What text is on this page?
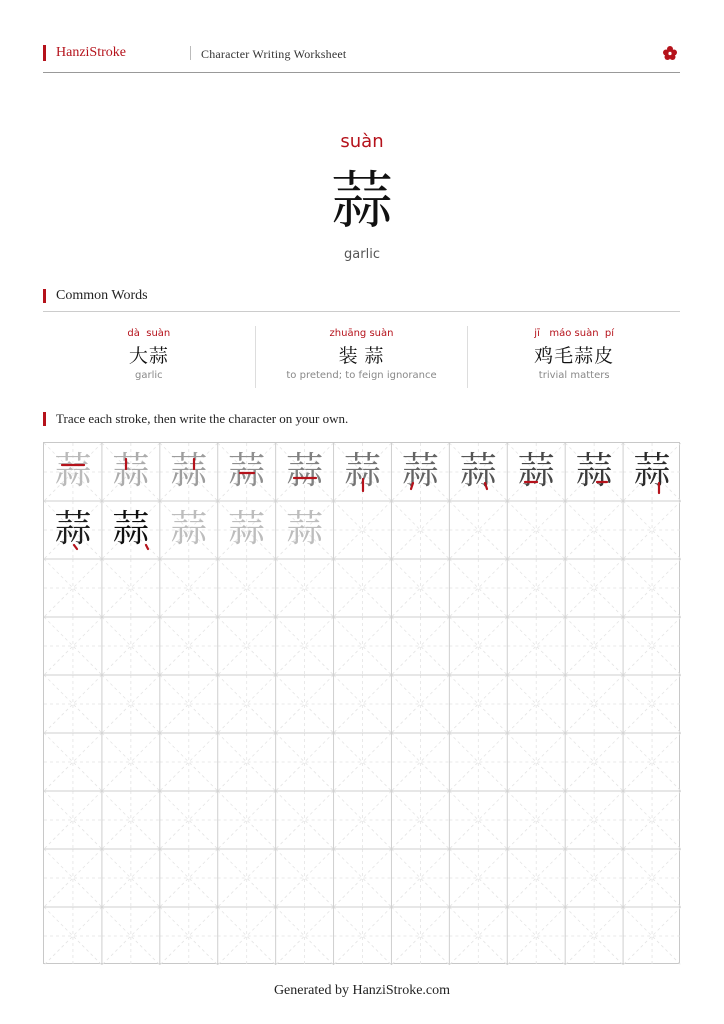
HanziStroke	Character Writing Worksheet
suàn
蒜
garlic
Common Words
dà  suàn
大蒜
garlic
zhuāng suàn
装 蒜
to pretend; to feign ignorance
jī   máo suàn  pí
鸡毛蒜皮
trivial matters
Trace each stroke, then write the character on your own.
蒜 蒜 蒜 蒜 蒜 蒜 蒜 蒜 蒜 蒜 蒜
蒜 蒜 蒜 蒜 蒜
Generated by HanziStroke.com
